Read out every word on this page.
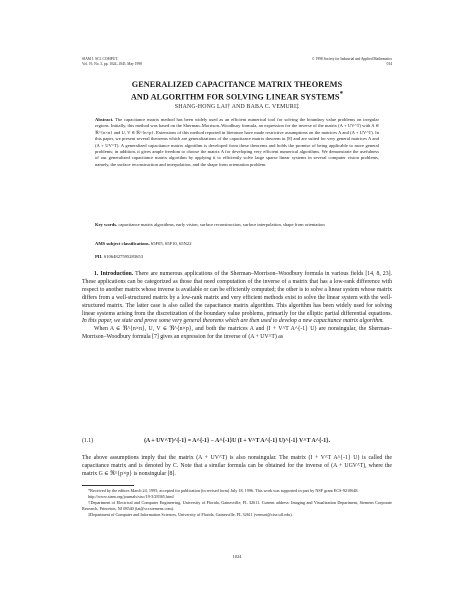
SIAM J. SCI. COMPUT.
Vol. 19, No. 3, pp. 1024–1045, May 1998
© 1998 Society for Industrial and Applied Mathematics
014
GENERALIZED CAPACITANCE MATRIX THEOREMS
AND ALGORITHM FOR SOLVING LINEAR SYSTEMS*
SHANG-HONG LAI† AND BABA C. VEMURI‡
Abstract. The capacitance matrix method has been widely used as an efficient numerical tool for solving the boundary value problems on irregular regions. Initially, this method was based on the Sherman–Morrison–Woodbury formula, an expression for the inverse of the matrix (A + UV^T) with A ∈ ℜ^{n×n} and U, V ∈ ℜ^{n×p}. Extensions of this method reported in literature have made restrictive assumptions on the matrices A and (A + UV^T). In this paper, we present several theorems which are generalizations of the capacitance matrix theorem in [8] and are suited for very general matrices A and (A + UV^T). A generalized capacitance matrix algorithm is developed from these theorems and holds the promise of being applicable to more general problems; in addition, it gives ample freedom to choose the matrix A for developing very efficient numerical algorithms. We demonstrate the usefulness of our generalized capacitance matrix algorithm by applying it to efficiently solve large sparse linear systems in several computer vision problems, namely, the surface reconstruction and interpolation, and the shape from orientation problem.
Key words. capacitance matrix algorithms, early vision, surface reconstruction, surface interpolation, shape from orientation
AMS subject classifications. 65F05, 65F10, 65N22
PII. S1064827595283653

1. Introduction. There are numerous applications of the Sherman–Morrison–Woodbury formula in various fields [14, 8, 23]. These applications can be categorized as those that need computation of the inverse of a matrix that has a low-rank difference with respect to another matrix whose inverse is available or can be efficiently computed; the other is to solve a linear system whose matrix differs from a well-structured matrix by a low-rank matrix and very efficient methods exist to solve the linear system with the well-structured matrix. The latter case is also called the capacitance matrix algorithm. This algorithm has been widely used for solving linear systems arising from the discretization of the boundary value problems, primarily for the elliptic partial differential equations. In this paper, we state and prove some very general theorems which are then used to develop a new capacitance matrix algorithm.

When A ∈ ℜ^{n×n}, U, V ∈ ℜ^{n×p}, and both the matrices A and (I + V^T A^{-1} U) are nonsingular, the Sherman–Morrison–Woodbury formula [7] gives an expression for the inverse of (A + UV^T) as

(1.1)	(A + UV^T)^{-1} = A^{-1} − A^{-1}U (I + V^T A^{-1} U)^{-1} V^T A^{-1}.

The above assumptions imply that the matrix (A + UV^T) is also nonsingular. The matrix (I + V^T A^{-1} U) is called the capacitance matrix and is denoted by C. Note that a similar formula can be obtained for the inverse of (A + UGV^T), where the matrix G ∈ ℜ^{p×p} is nonsingular [8].

*Received by the editors March 24, 1995; accepted for publication (in revised form) July 18, 1996. This work was supported in part by NSF grant ECS-9210648.

http://www.siam.org/journals/sisc/19-3/28365.html

†Department of Electrical and Computer Engineering, University of Florida, Gainesville, FL 32611. Current address: Imaging and Visualization Department, Siemens Corporate Research, Princeton, NJ 08540 (lai@scr.siemens.com).

‡Department of Computer and Information Sciences, University of Florida, Gainesville, FL 32611 (vemuri@cise.ufl.edu).

1024
